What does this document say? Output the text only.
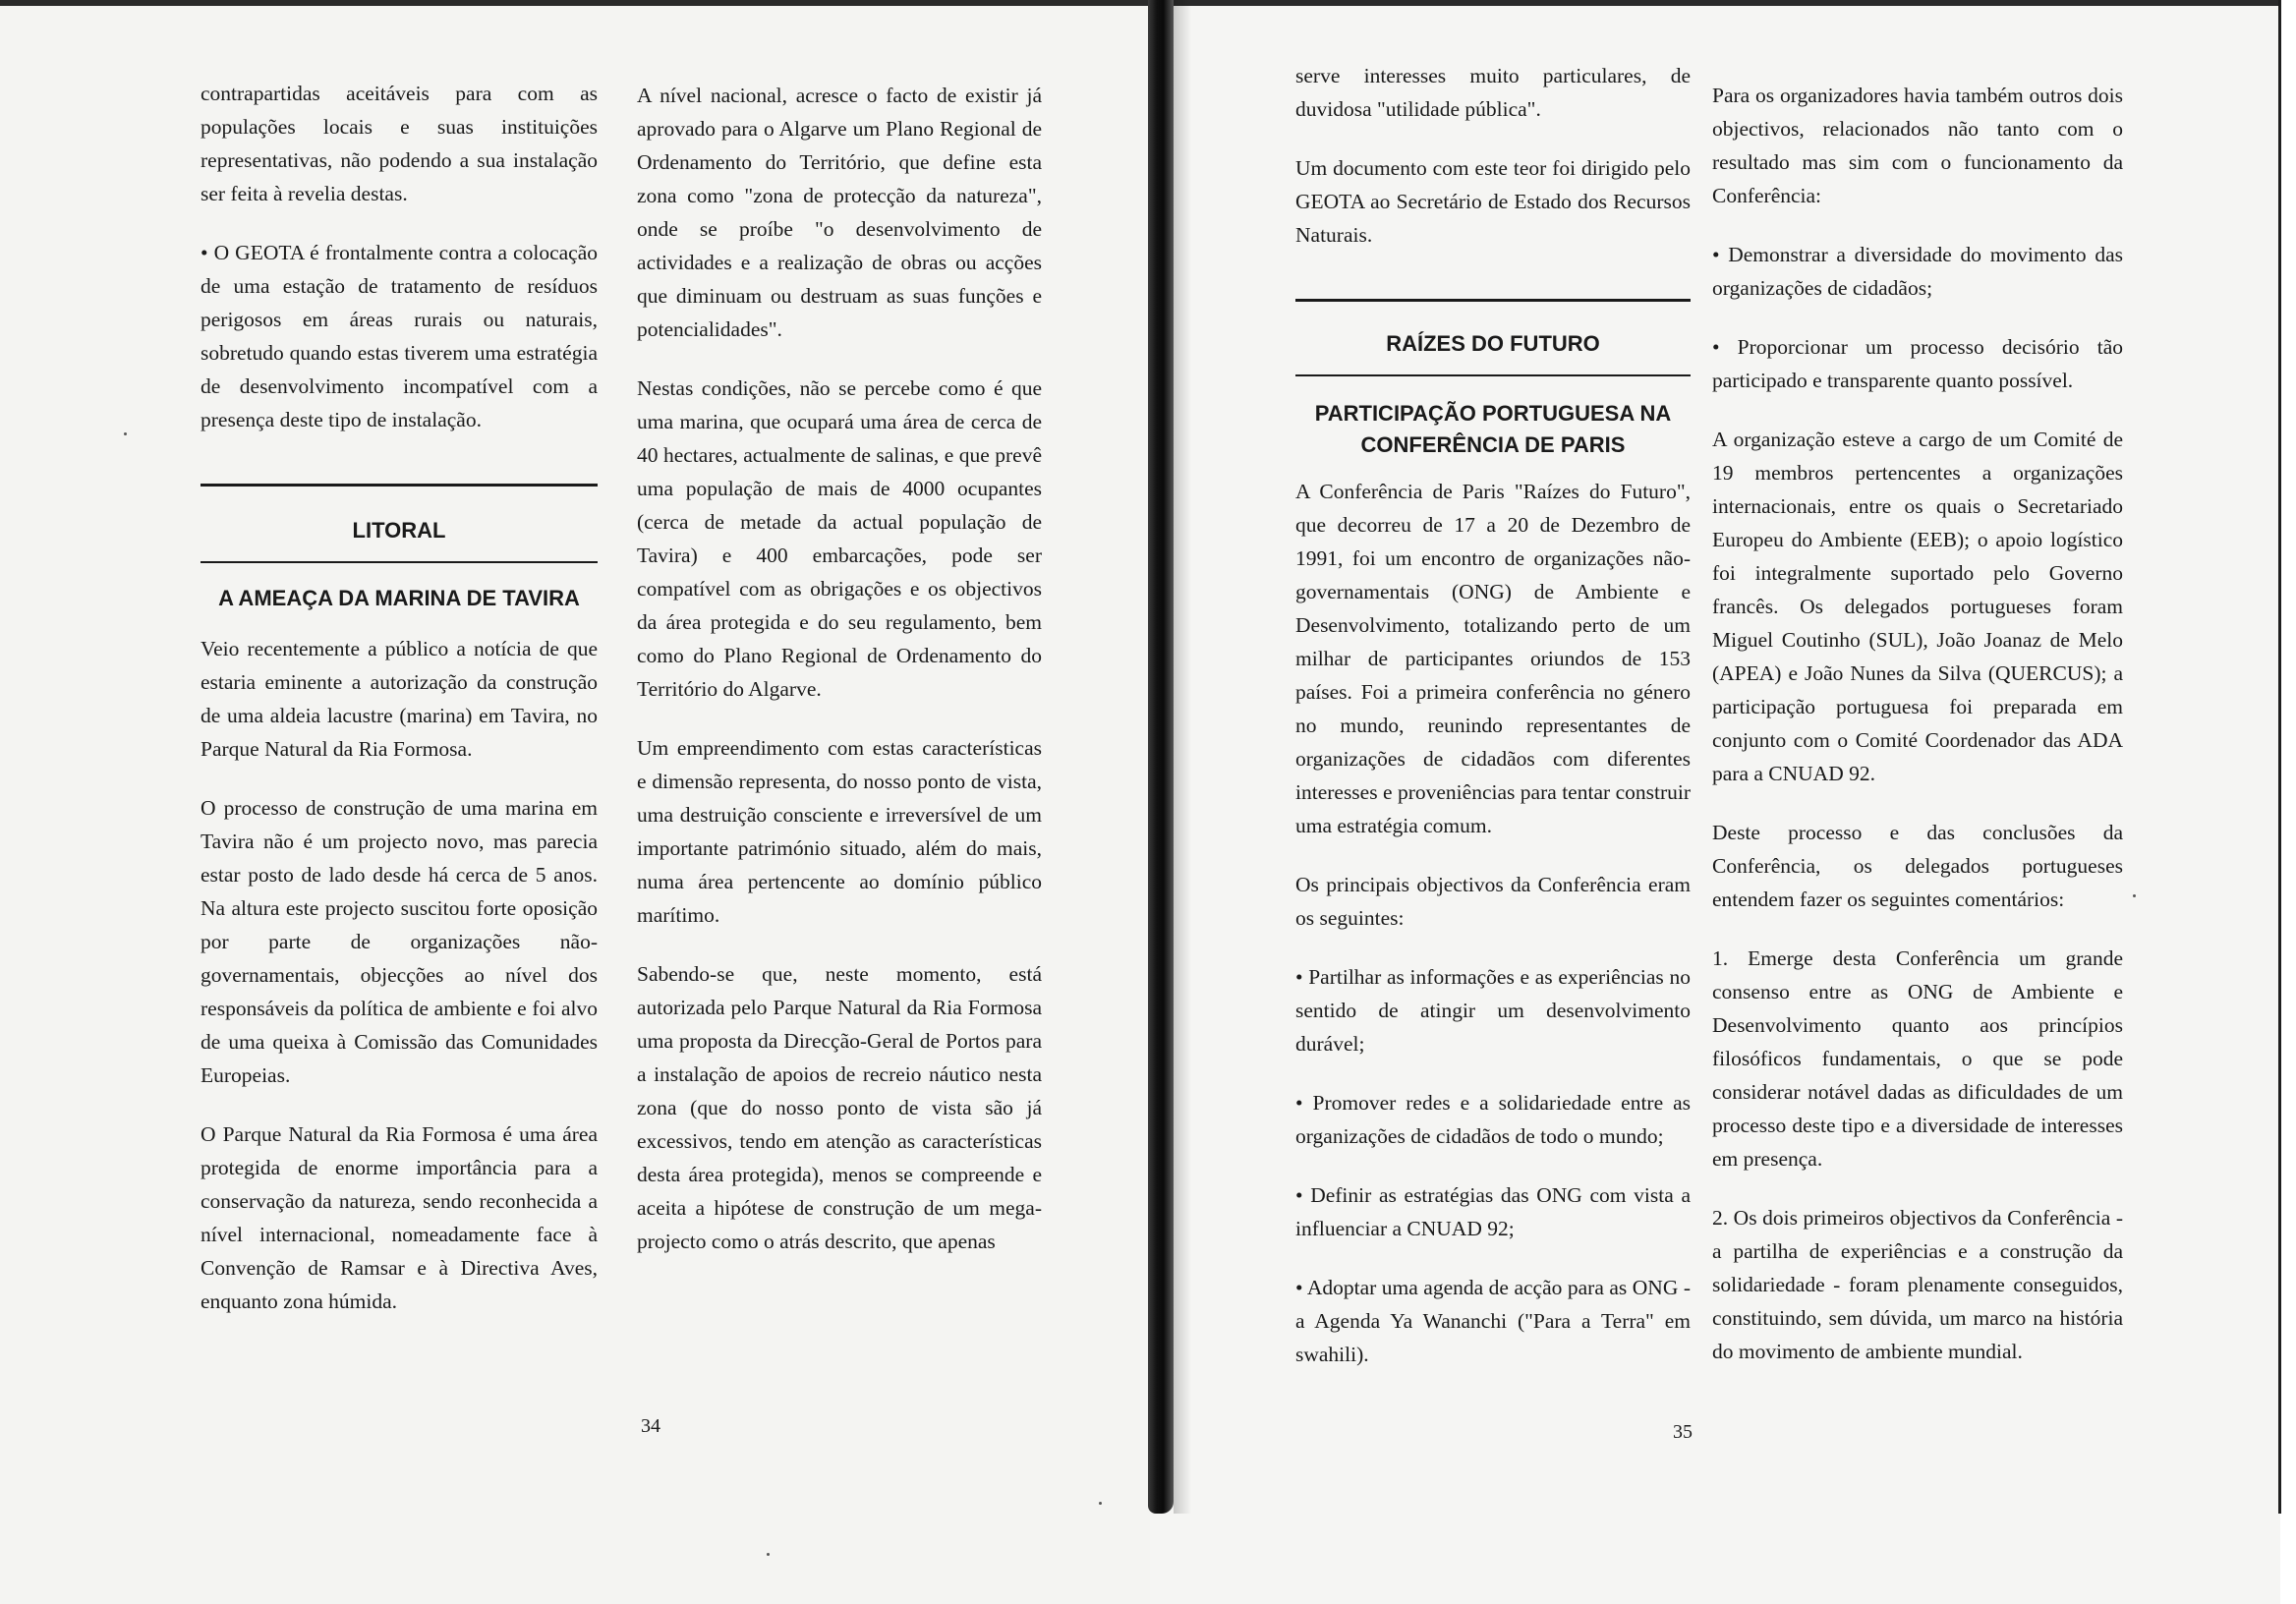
contrapartidas aceitáveis para com as populações locais e suas instituições representativas, não podendo a sua instalação ser feita à revelia destas.

• O GEOTA é frontalmente contra a colocação de uma estação de tratamento de resíduos perigosos em áreas rurais ou naturais, sobretudo quando estas tiverem uma estratégia de desenvolvimento incompatível com a presença deste tipo de instalação.

LITORAL
A AMEAÇA DA MARINA DE TAVIRA

Veio recentemente a público a notícia de que estaria eminente a autorização da construção de uma aldeia lacustre (marina) em Tavira, no Parque Natural da Ria Formosa.

O processo de construção de uma marina em Tavira não é um projecto novo, mas parecia estar posto de lado desde há cerca de 5 anos. Na altura este projecto suscitou forte oposição por parte de organizações não-governamentais, objecções ao nível dos responsáveis da política de ambiente e foi alvo de uma queixa à Comissão das Comunidades Europeias.

O Parque Natural da Ria Formosa é uma área protegida de enorme importância para a conservação da natureza, sendo reconhecida a nível internacional, nomeadamente face à Convenção de Ramsar e à Directiva Aves, enquanto zona húmida.

A nível nacional, acresce o facto de existir já aprovado para o Algarve um Plano Regional de Ordenamento do Território, que define esta zona como "zona de protecção da natureza", onde se proíbe "o desenvolvimento de actividades e a realização de obras ou acções que diminuam ou destruam as suas funções e potencialidades".

Nestas condições, não se percebe como é que uma marina, que ocupará uma área de cerca de 40 hectares, actualmente de salinas, e que prevê uma população de mais de 4000 ocupantes (cerca de metade da actual população de Tavira) e 400 embarcações, pode ser compatível com as obrigações e os objectivos da área protegida e do seu regulamento, bem como do Plano Regional de Ordenamento do Território do Algarve.

Um empreendimento com estas características e dimensão representa, do nosso ponto de vista, uma destruição consciente e irreversível de um importante património situado, além do mais, numa área pertencente ao domínio público marítimo.

Sabendo-se que, neste momento, está autorizada pelo Parque Natural da Ria Formosa uma proposta da Direcção-Geral de Portos para a instalação de apoios de recreio náutico nesta zona (que do nosso ponto de vista são já excessivos, tendo em atenção as características desta área protegida), menos se compreende e aceita a hipótese de construção de um mega-projecto como o atrás descrito, que apenas

34

serve interesses muito particulares, de duvidosa "utilidade pública".

Um documento com este teor foi dirigido pelo GEOTA ao Secretário de Estado dos Recursos Naturais.

RAÍZES DO FUTURO
PARTICIPAÇÃO PORTUGUESA NA CONFERÊNCIA DE PARIS

A Conferência de Paris "Raízes do Futuro", que decorreu de 17 a 20 de Dezembro de 1991, foi um encontro de organizações não-governamentais (ONG) de Ambiente e Desenvolvimento, totalizando perto de um milhar de participantes oriundos de 153 países. Foi a primeira conferência no género no mundo, reunindo representantes de organizações de cidadãos com diferentes interesses e proveniências para tentar construir uma estratégia comum.

Os principais objectivos da Conferência eram os seguintes:

• Partilhar as informações e as experiências no sentido de atingir um desenvolvimento durável;

• Promover redes e a solidariedade entre as organizações de cidadãos de todo o mundo;

• Definir as estratégias das ONG com vista a influenciar a CNUAD 92;

• Adoptar uma agenda de acção para as ONG - a Agenda Ya Wananchi ("Para a Terra" em swahili).

Para os organizadores havia também outros dois objectivos, relacionados não tanto com o resultado mas sim com o funcionamento da Conferência:

• Demonstrar a diversidade do movimento das organizações de cidadãos;

• Proporcionar um processo decisório tão participado e transparente quanto possível.

A organização esteve a cargo de um Comité de 19 membros pertencentes a organizações internacionais, entre os quais o Secretariado Europeu do Ambiente (EEB); o apoio logístico foi integralmente suportado pelo Governo francês. Os delegados portugueses foram Miguel Coutinho (SUL), João Joanaz de Melo (APEA) e João Nunes da Silva (QUERCUS); a participação portuguesa foi preparada em conjunto com o Comité Coordenador das ADA para a CNUAD 92.

Deste processo e das conclusões da Conferência, os delegados portugueses entendem fazer os seguintes comentários:

1. Emerge desta Conferência um grande consenso entre as ONG de Ambiente e Desenvolvimento quanto aos princípios filosóficos fundamentais, o que se pode considerar notável dadas as dificuldades de um processo deste tipo e a diversidade de interesses em presença.

2. Os dois primeiros objectivos da Conferência - a partilha de experiências e a construção da solidariedade - foram plenamente conseguidos, constituindo, sem dúvida, um marco na história do movimento de ambiente mundial.

35
